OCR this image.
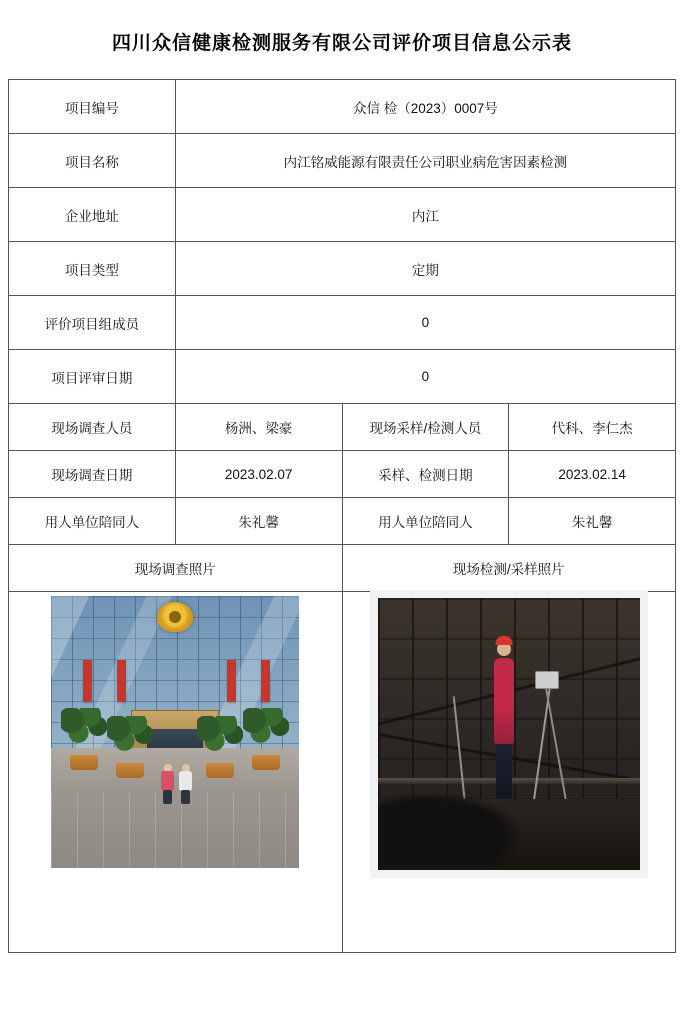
四川众信健康检测服务有限公司评价项目信息公示表
项目编号	众信 检（2023）0007号		
项目名称	内江铭威能源有限责任公司职业病危害因素检测		
企业地址	内江		
项目类型	定期		
评价项目组成员	0		
项目评审日期	0		
现场调查人员	杨洲、梁豪	现场采样/检测人员	代科、李仁杰
现场调查日期	2023.02.07	采样、检测日期	2023.02.14
用人单位陪同人	朱礼馨	用人单位陪同人	朱礼馨
现场调查照片		现场检测/采样照片	
